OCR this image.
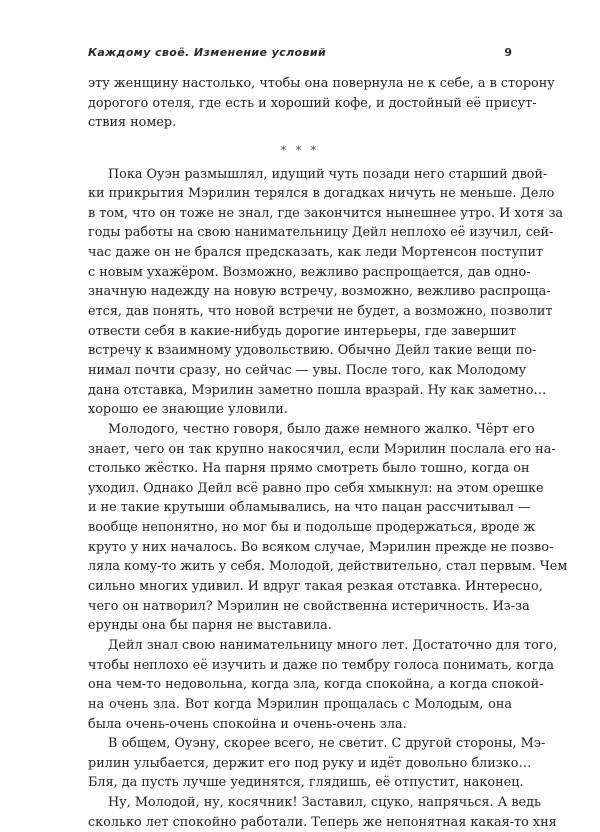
Каждому своё. Изменение условий	9
эту женщину настолько, чтобы она повернула не к себе, а в сторону
дорогого отеля, где есть и хороший кофе, и достойный её присут-
ствия номер.
* * *
Пока Оуэн размышлял, идущий чуть позади него старший двой-
ки прикрытия Мэрилин терялся в догадках ничуть не меньше. Дело
в том, что он тоже не знал, где закончится нынешнее утро. И хотя за
годы работы на свою нанимательницу Дейл неплохо её изучил, сей-
час даже он не брался предсказать, как леди Мортенсон поступит
с новым ухажёром. Возможно, вежливо распрощается, дав одно-
значную надежду на новую встречу, возможно, вежливо распроща-
ется, дав понять, что новой встречи не будет, а возможно, позволит
отвести себя в какие-нибудь дорогие интерьеры, где завершит
встречу к взаимному удовольствию. Обычно Дейл такие вещи по-
нимал почти сразу, но сейчас — увы. После того, как Молодому
дана отставка, Мэрилин заметно пошла вразрай. Ну как заметно…
хорошо ее знающие уловили.
Молодого, честно говоря, было даже немного жалко. Чёрт его
знает, чего он так крупно накосячил, если Мэрилин послала его на-
столько жёстко. На парня прямо смотреть было тошно, когда он
уходил. Однако Дейл всё равно про себя хмыкнул: на этом орешке
и не такие крутыши обламывались, на что пацан рассчитывал —
вообще непонятно, но мог бы и подольше продержаться, вроде ж
круто у них началось. Во всяком случае, Мэрилин прежде не позво-
ляла кому-то жить у себя. Молодой, действительно, стал первым. Чем
сильно многих удивил. И вдруг такая резкая отставка. Интересно,
чего он натворил? Мэрилин не свойственна истеричность. Из-за
ерунды она бы парня не выставила.
Дейл знал свою нанимательницу много лет. Достаточно для того,
чтобы неплохо её изучить и даже по тембру голоса понимать, когда
она чем-то недовольна, когда зла, когда спокойна, а когда спокой-
на очень зла. Вот когда Мэрилин прощалась с Молодым, она
была очень-очень спокойна и очень-очень зла.
В общем, Оуэну, скорее всего, не светит. С другой стороны, Мэ-
рилин улыбается, держит его под руку и идёт довольно близко…
Бля, да пусть лучше уединятся, глядишь, её отпустит, наконец.
Ну, Молодой, ну, косячник! Заставил, сцуко, напрячься. А ведь
сколько лет спокойно работали. Теперь же непонятная какая-то хня
